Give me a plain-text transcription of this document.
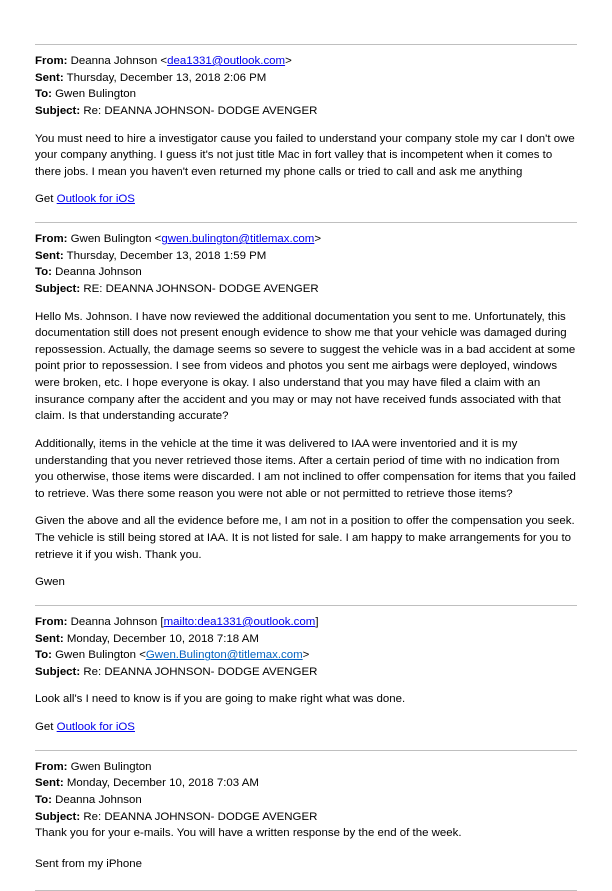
From: Deanna Johnson <dea1331@outlook.com>
Sent: Thursday, December 13, 2018 2:06 PM
To: Gwen Bulington
Subject: Re: DEANNA JOHNSON- DODGE AVENGER

You must need to hire a investigator cause you failed to understand your company stole my car I don't owe your company anything. I guess it's not just title Mac in fort valley that is incompetent when it comes to there jobs. I mean you haven't even returned my phone calls or tried to call and ask me anything

Get Outlook for iOS

From: Gwen Bulington <gwen.bulington@titlemax.com>
Sent: Thursday, December 13, 2018 1:59 PM
To: Deanna Johnson
Subject: RE: DEANNA JOHNSON- DODGE AVENGER

Hello Ms. Johnson. I have now reviewed the additional documentation you sent to me. Unfortunately, this documentation still does not present enough evidence to show me that your vehicle was damaged during repossession. Actually, the damage seems so severe to suggest the vehicle was in a bad accident at some point prior to repossession. I see from videos and photos you sent me airbags were deployed, windows were broken, etc. I hope everyone is okay. I also understand that you may have filed a claim with an insurance company after the accident and you may or may not have received funds associated with that claim. Is that understanding accurate?

Additionally, items in the vehicle at the time it was delivered to IAA were inventoried and it is my understanding that you never retrieved those items. After a certain period of time with no indication from you otherwise, those items were discarded. I am not inclined to offer compensation for items that you failed to retrieve. Was there some reason you were not able or not permitted to retrieve those items?

Given the above and all the evidence before me, I am not in a position to offer the compensation you seek. The vehicle is still being stored at IAA. It is not listed for sale. I am happy to make arrangements for you to retrieve it if you wish. Thank you.

Gwen

From: Deanna Johnson [mailto:dea1331@outlook.com]
Sent: Monday, December 10, 2018 7:18 AM
To: Gwen Bulington <Gwen.Bulington@titlemax.com>
Subject: Re: DEANNA JOHNSON- DODGE AVENGER

Look all's I need to know is if you are going to make right what was done.

Get Outlook for iOS

From: Gwen Bulington
Sent: Monday, December 10, 2018 7:03 AM
To: Deanna Johnson
Subject: Re: DEANNA JOHNSON- DODGE AVENGER

Thank you for your e-mails. You will have a written response by the end of the week.

Sent from my iPhone
